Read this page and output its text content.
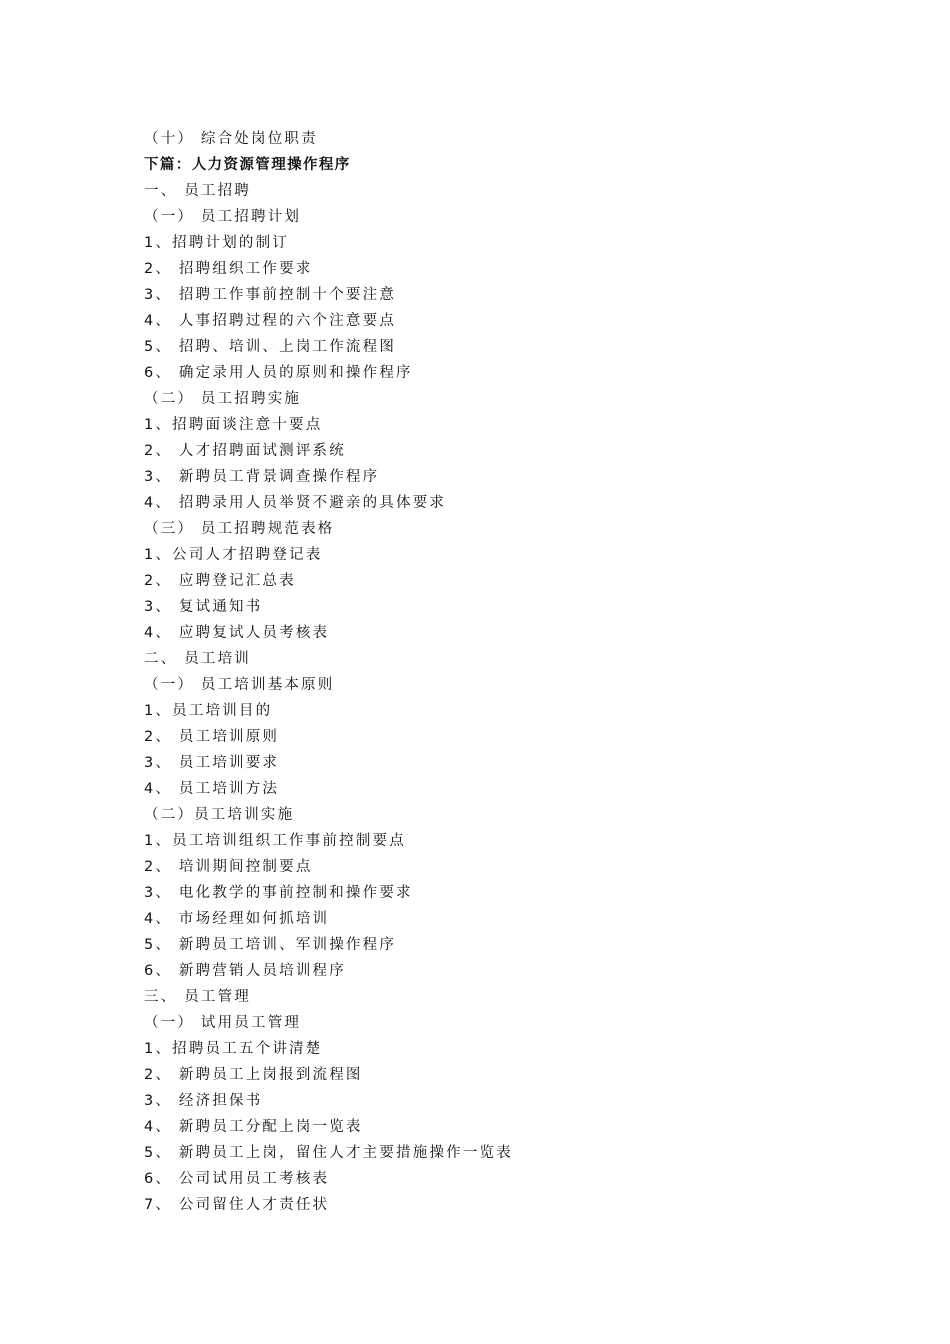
（十） 综合处岗位职责
下篇：人力资源管理操作程序
一、 员工招聘
（一） 员工招聘计划
1、招聘计划的制订
2、 招聘组织工作要求
3、 招聘工作事前控制十个要注意
4、 人事招聘过程的六个注意要点
5、 招聘、培训、上岗工作流程图
6、 确定录用人员的原则和操作程序
（二） 员工招聘实施
1、招聘面谈注意十要点
2、 人才招聘面试测评系统
3、 新聘员工背景调查操作程序
4、 招聘录用人员举贤不避亲的具体要求
（三） 员工招聘规范表格
1、公司人才招聘登记表
2、 应聘登记汇总表
3、 复试通知书
4、 应聘复试人员考核表
二、 员工培训
（一） 员工培训基本原则
1、员工培训目的
2、 员工培训原则
3、 员工培训要求
4、 员工培训方法
（二）员工培训实施
1、员工培训组织工作事前控制要点
2、 培训期间控制要点
3、 电化教学的事前控制和操作要求
4、 市场经理如何抓培训
5、 新聘员工培训、军训操作程序
6、 新聘营销人员培训程序
三、 员工管理
（一） 试用员工管理
1、招聘员工五个讲清楚
2、 新聘员工上岗报到流程图
3、 经济担保书
4、 新聘员工分配上岗一览表
5、 新聘员工上岗，留住人才主要措施操作一览表
6、 公司试用员工考核表
7、 公司留住人才责任状
